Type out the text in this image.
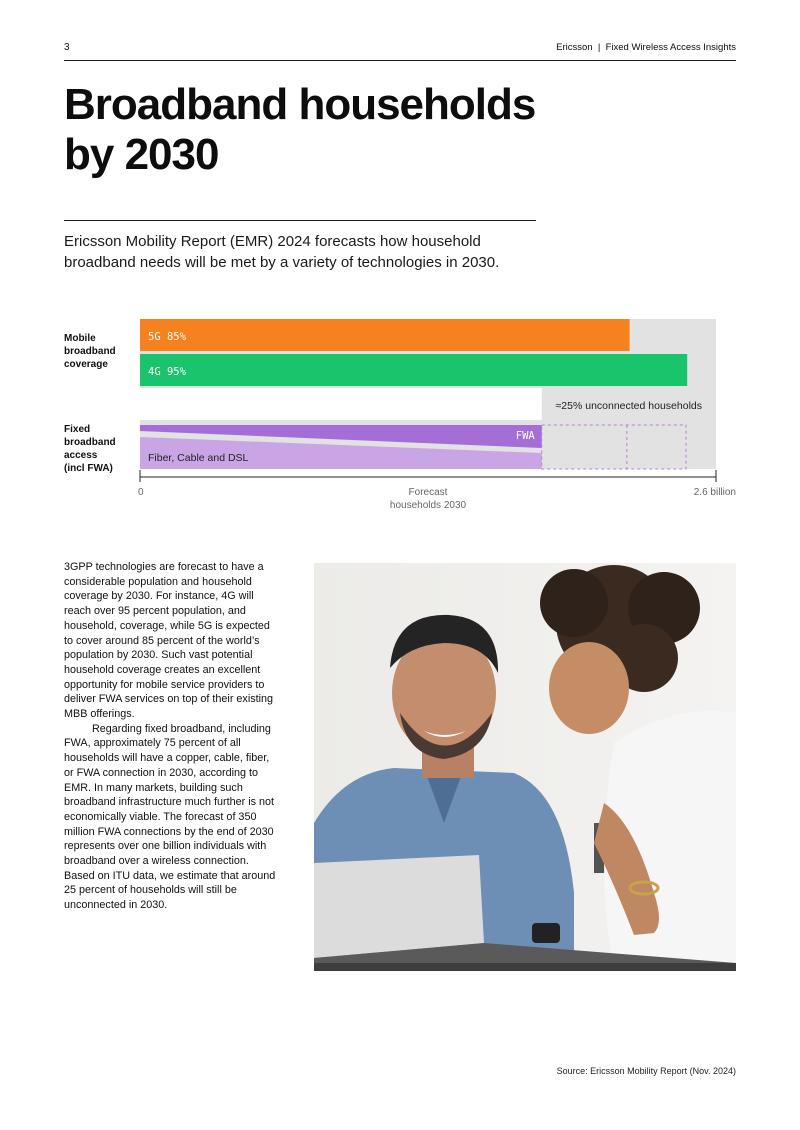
3	Ericsson  |  Fixed Wireless Access Insights
Broadband households
by 2030
Ericsson Mobility Report (EMR) 2024 forecasts how household broadband needs will be met by a variety of technologies in 2030.
Mobile broadband coverage
Fixed broadband access (incl FWA)
5G 85%
4G 95%
≈25% unconnected households
FWA
Fiber, Cable and DSL
0	2.6 billion
Forecast households 2030

3GPP technologies are forecast to have a considerable population and household coverage by 2030. For instance, 4G will reach over 95 percent population, and household, coverage, while 5G is expected to cover around 85 percent of the world’s population by 2030. Such vast potential household coverage creates an excellent opportunity for mobile service providers to deliver FWA services on top of their existing MBB offerings.

Regarding fixed broadband, including FWA, approximately 75 percent of all households will have a copper, cable, fiber, or FWA connection in 2030, according to EMR. In many markets, building such broadband infrastructure much further is not economically viable. The forecast of 350 million FWA connections by the end of 2030 represents over one billion individuals with broadband over a wireless connection. Based on ITU data, we estimate that around 25 percent of households will still be unconnected in 2030.

Source: Ericsson Mobility Report (Nov. 2024)
